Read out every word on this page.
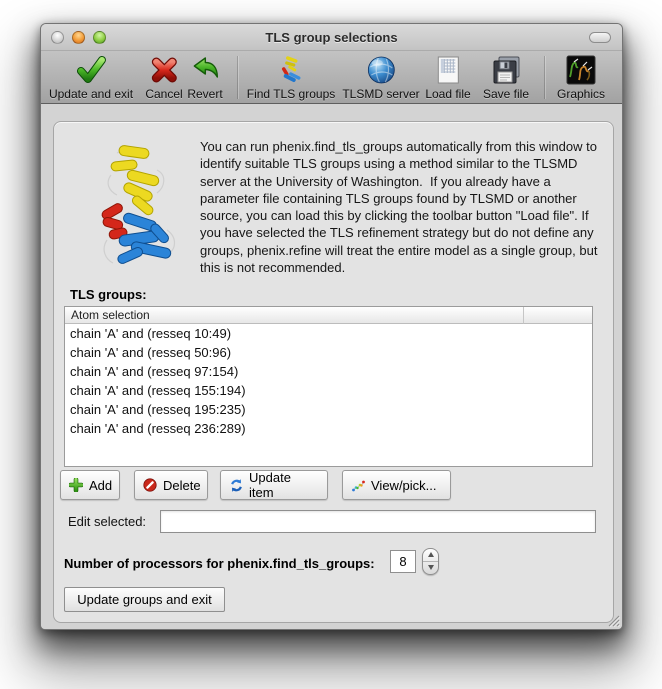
TLS group selections
Update and exit Cancel Revert Find TLS groups TLSMD server Load file Save file Graphics
You can run phenix.find_tls_groups automatically from this window to identify suitable TLS groups using a method similar to the TLSMD server at the University of Washington.  If you already have a parameter file containing TLS groups found by TLSMD or another source, you can load this by clicking the toolbar button "Load file". If you have selected the TLS refinement strategy but do not define any groups, phenix.refine will treat the entire model as a single group, but this is not recommended.
TLS groups:
Atom selection
chain 'A' and (resseq 10:49)
chain 'A' and (resseq 50:96)
chain 'A' and (resseq 97:154)
chain 'A' and (resseq 155:194)
chain 'A' and (resseq 195:235)
chain 'A' and (resseq 236:289)
Add	Delete	Update item	View/pick...
Edit selected:
Number of processors for phenix.find_tls_groups:
8
Update groups and exit
